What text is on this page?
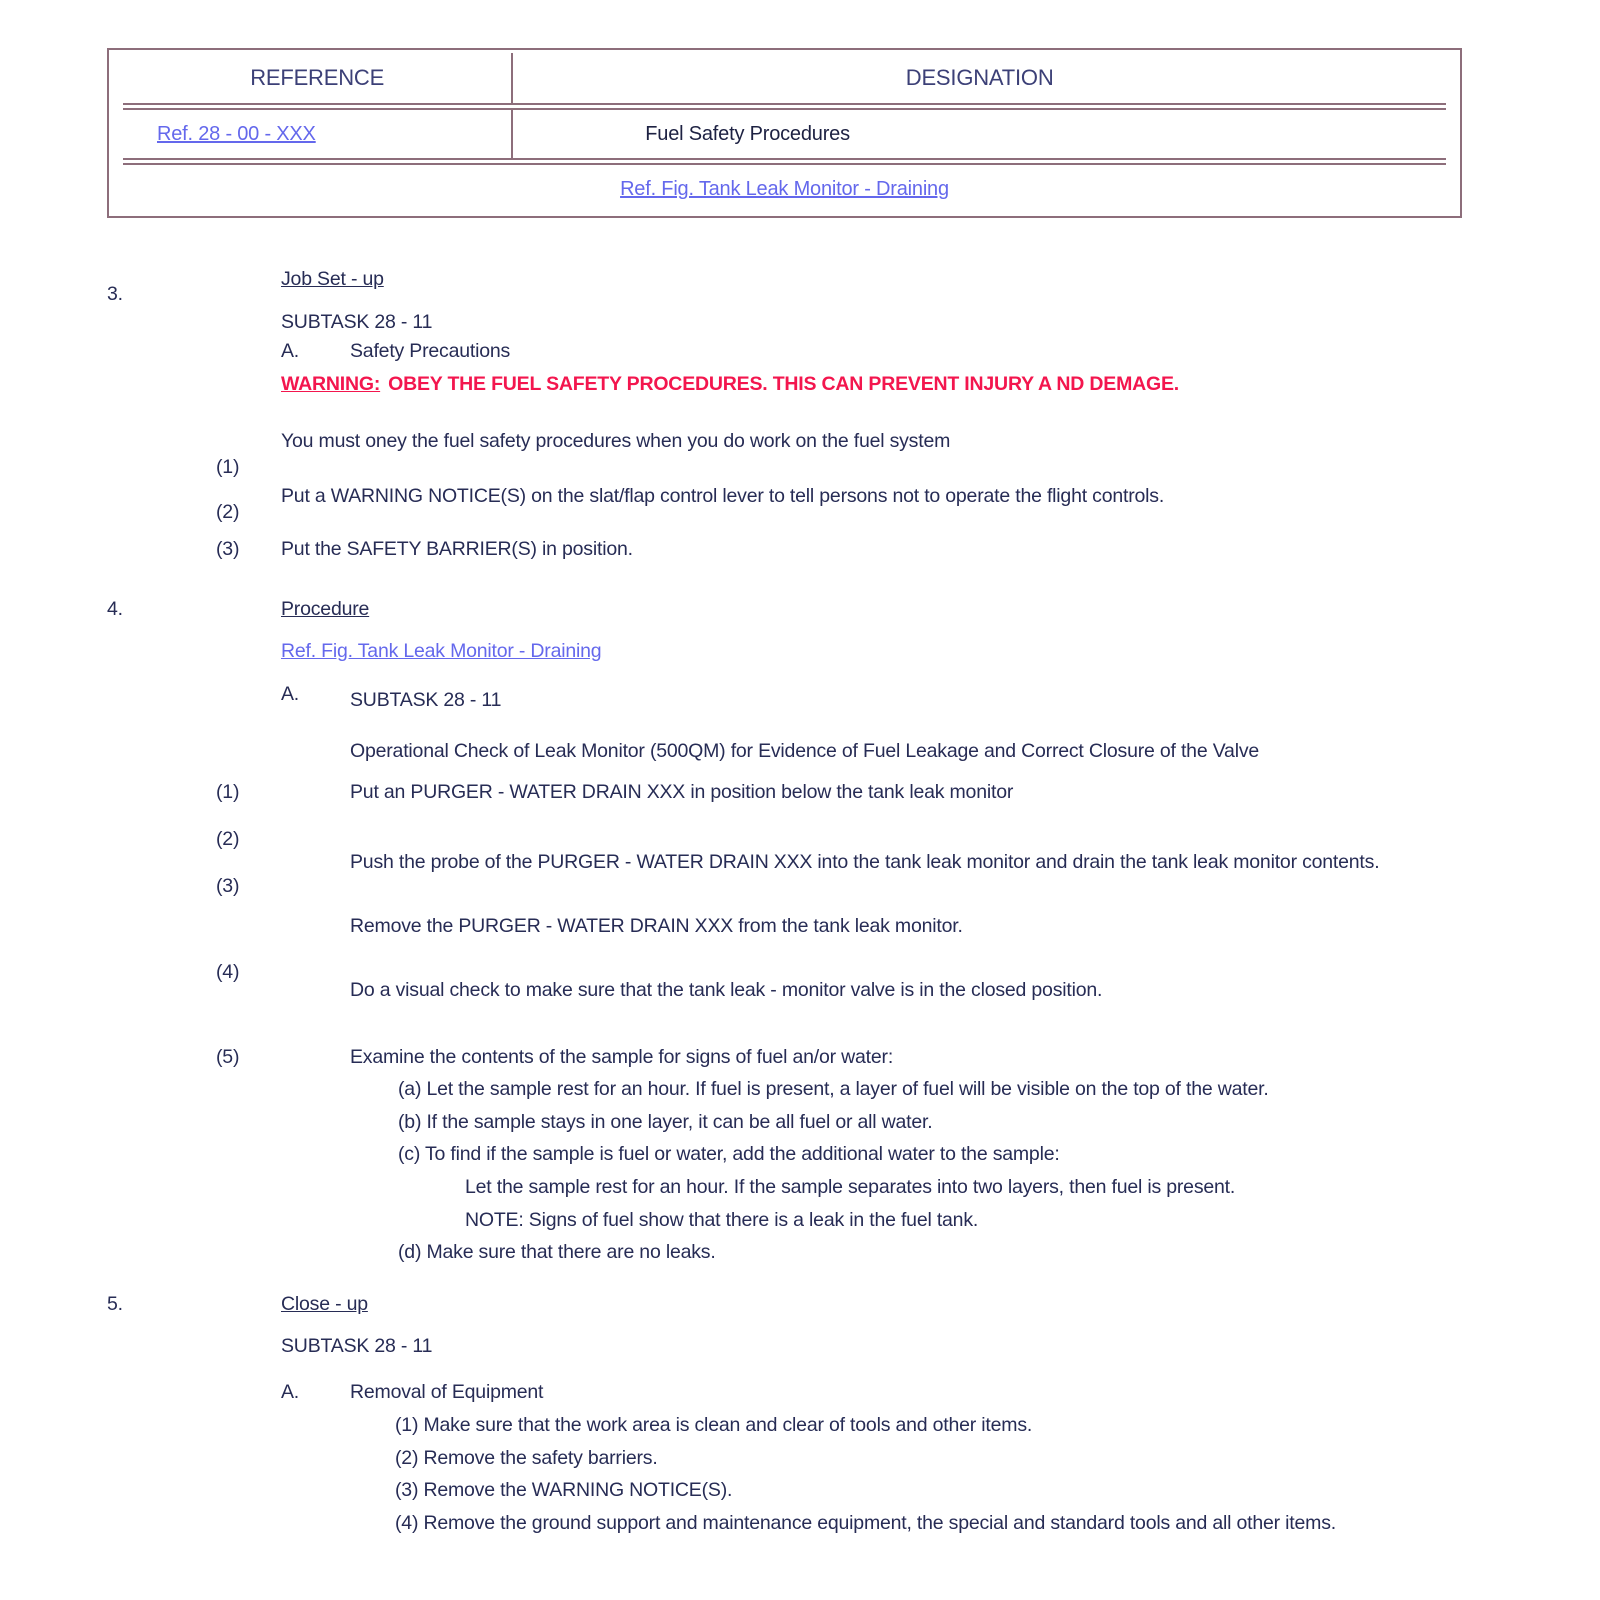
REFERENCE	DESIGNATION
Ref. 28 - 00 - XXX	Fuel Safety Procedures
Ref. Fig. Tank Leak Monitor - Draining	
3.
Job Set - up
SUBTASK 28 - 11
A.	Safety Precautions
WARNING: OBEY THE FUEL SAFETY PROCEDURES. THIS CAN PREVENT INJURY A ND DEMAGE.
(1)
You must oney the fuel safety procedures when you do work on the fuel system
(2)
Put a WARNING NOTICE(S) on the slat/flap control lever to tell persons not to operate the flight controls.
(3)	Put the SAFETY BARRIER(S) in position.
4.	Procedure
Ref. Fig. Tank Leak Monitor - Draining
A.	SUBTASK 28 - 11
Operational Check of Leak Monitor (500QM) for Evidence of Fuel Leakage and Correct Closure of the Valve
(1)	Put an PURGER - WATER DRAIN XXX in position below the tank leak monitor
(2)
Push the probe of the PURGER - WATER DRAIN XXX into the tank leak monitor and drain the tank leak monitor contents.
(3)
Remove the PURGER - WATER DRAIN XXX from the tank leak monitor.
(4)
Do a visual check to make sure that the tank leak - monitor valve is in the closed position.
(5)	Examine the contents of the sample for signs of fuel an/or water:
(a) Let the sample rest for an hour. If fuel is present, a layer of fuel will be visible on the top of the water.
(b) If the sample stays in one layer, it can be all fuel or all water.
(c) To find if the sample is fuel or water, add the additional water to the sample:
Let the sample rest for an hour. If the sample separates into two layers, then fuel is present.
NOTE: Signs of fuel show that there is a leak in the fuel tank.
(d) Make sure that there are no leaks.
5.	Close - up
SUBTASK 28 - 11
A.	Removal of Equipment
(1) Make sure that the work area is clean and clear of tools and other items.
(2) Remove the safety barriers.
(3) Remove the WARNING NOTICE(S).
(4) Remove the ground support and maintenance equipment, the special and standard tools and all other items.
